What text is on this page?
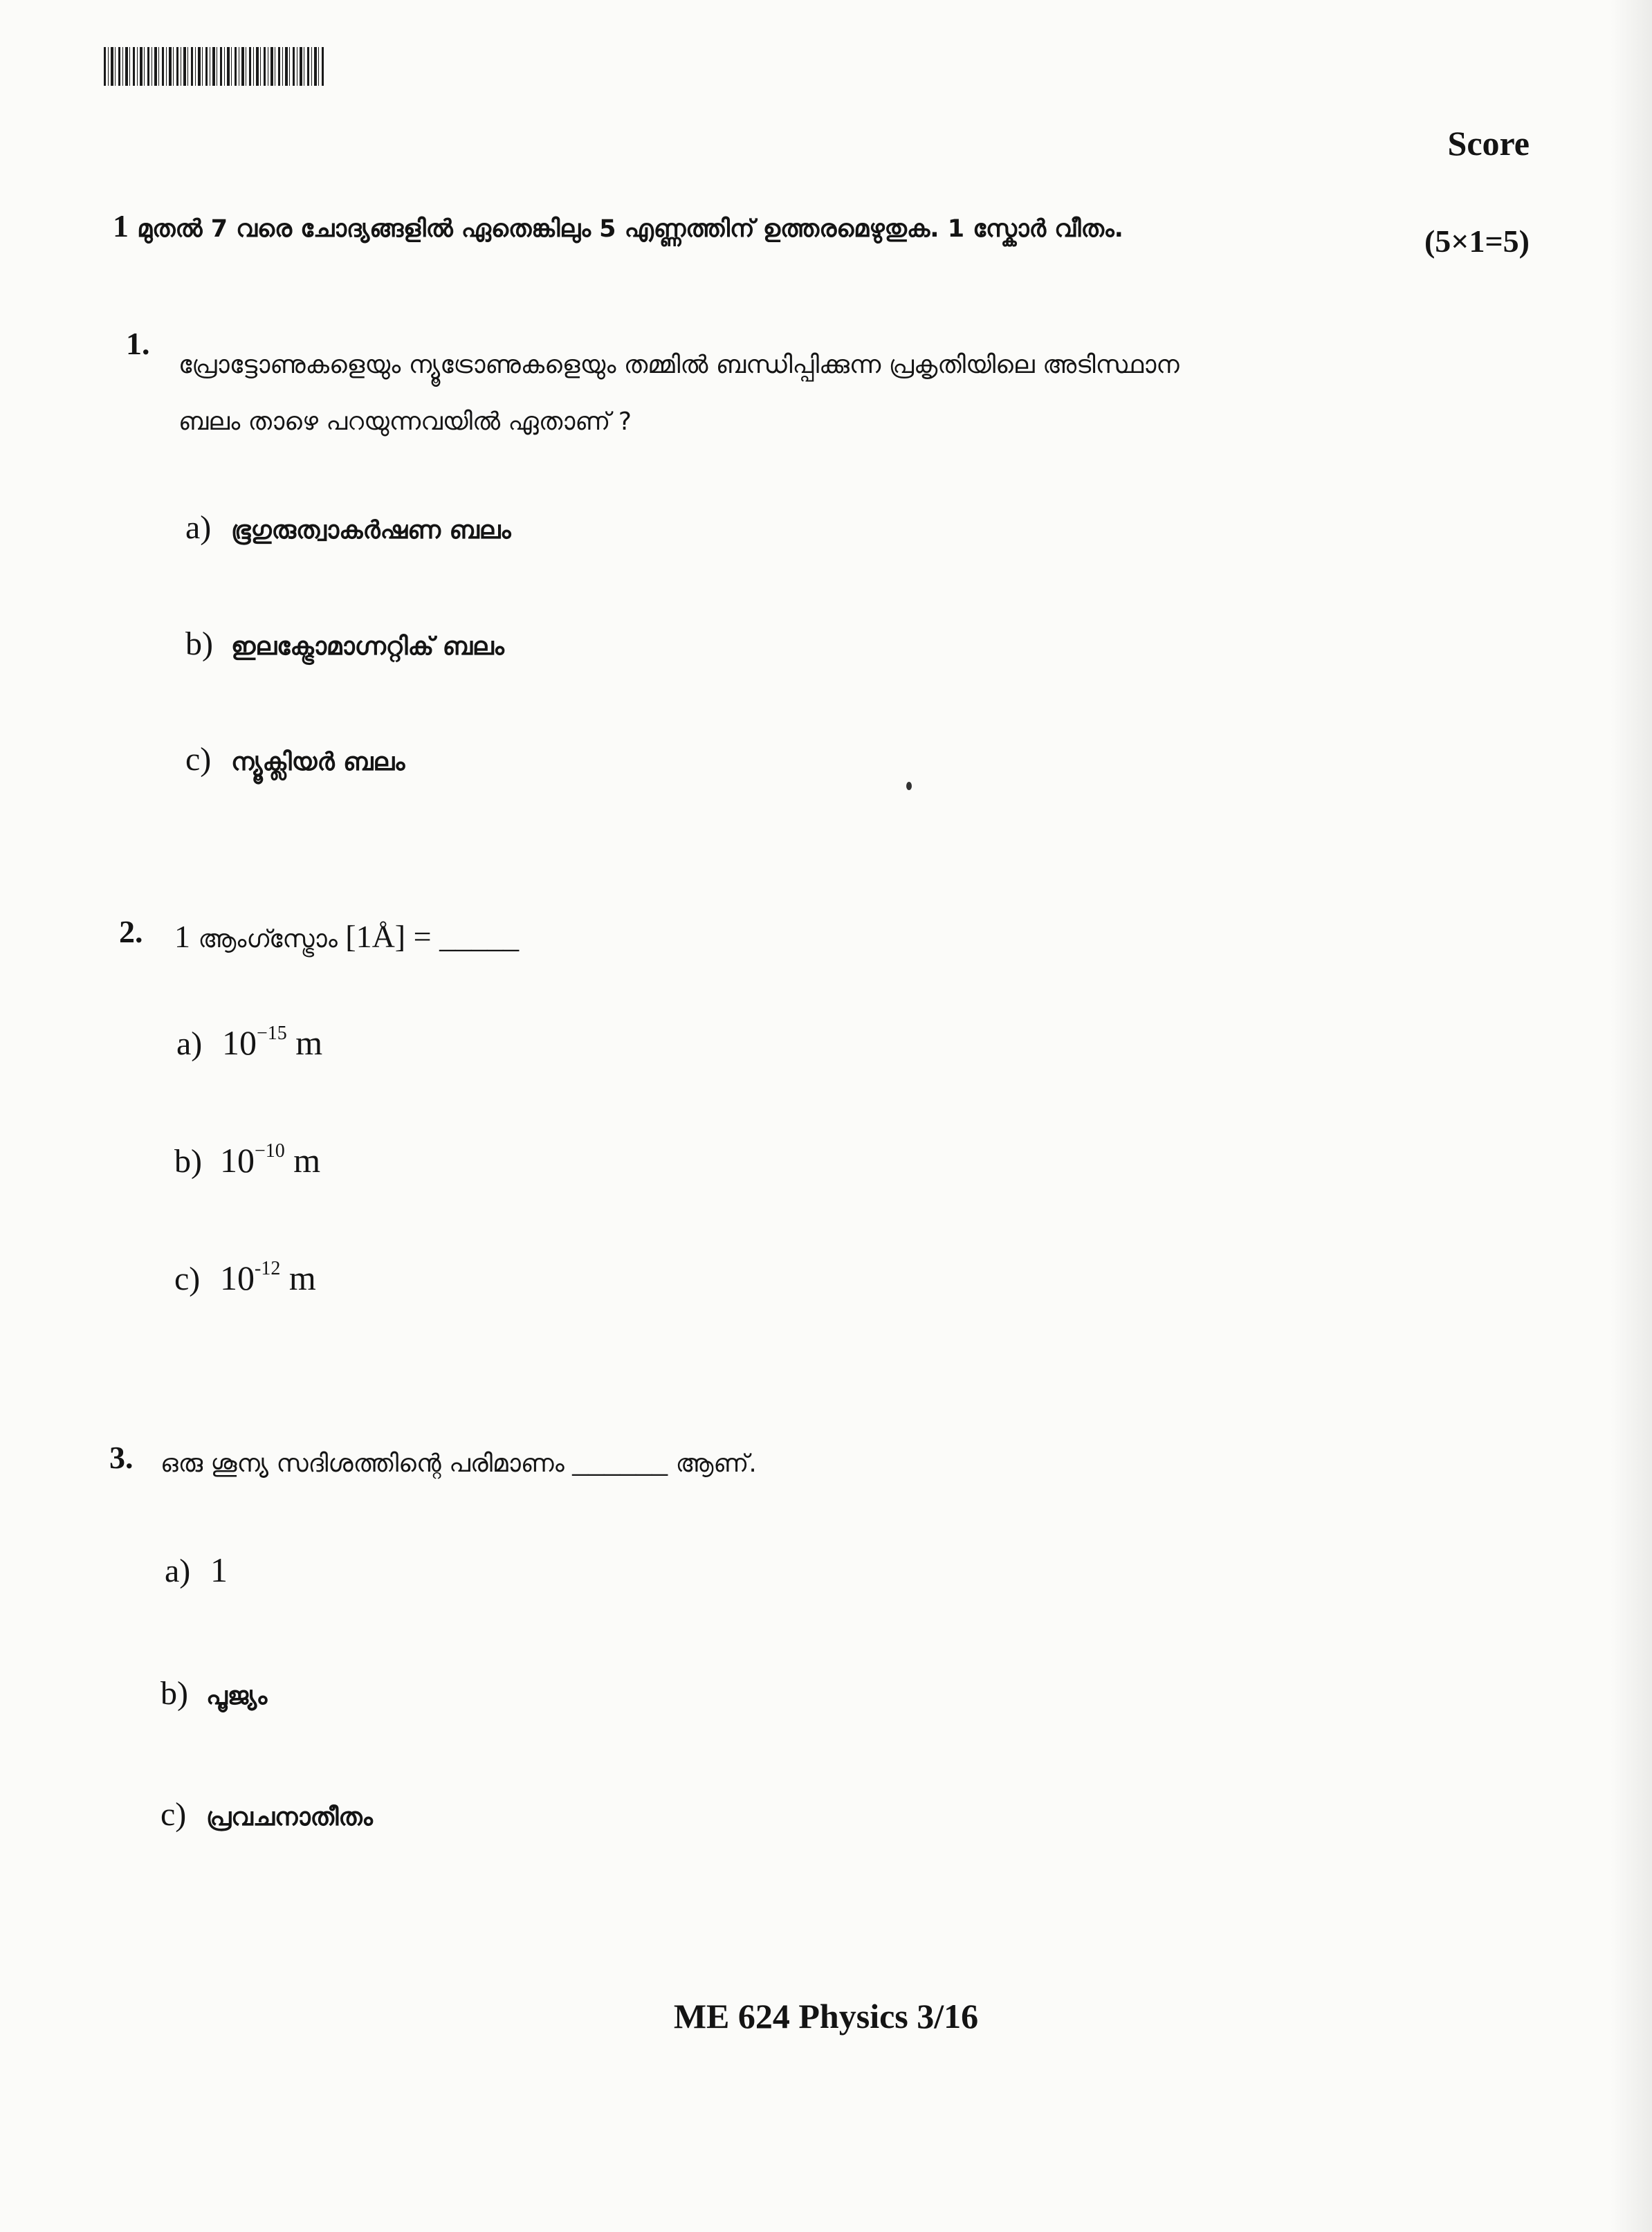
Score
1 മുതൽ 7 വരെ ചോദ്യങ്ങളിൽ ഏതെങ്കിലും 5 എണ്ണത്തിന് ഉത്തരമെഴുതുക. 1 സ്കോർ വീതം.	(5×1=5)
1.
പ്രോട്ടോണുകളെയും ന്യൂട്രോണുകളെയും തമ്മിൽ ബന്ധിപ്പിക്കുന്ന പ്രകൃതിയിലെ അടിസ്ഥാന
ബലം താഴെ പറയുന്നവയിൽ ഏതാണ് ?
a) ഭൂഗുരുത്വാകർഷണ ബലം
b) ഇലക്ട്രോമാഗ്നറ്റിക് ബലം
c) ന്യൂക്ലിയർ ബലം
2. 1 ആംഗ്സ്ട്രോം [1Å] = _____
a) $10^{-15}$ m
b) $10^{-10}$ m
c) $10^{-12}$ m
3. ഒരു ശൂന്യ സദിശത്തിന്റെ പരിമാണം ______ ആണ്.
a) 1
b) പൂജ്യം
c) പ്രവചനാതീതം
ME 624 Physics 3/16
